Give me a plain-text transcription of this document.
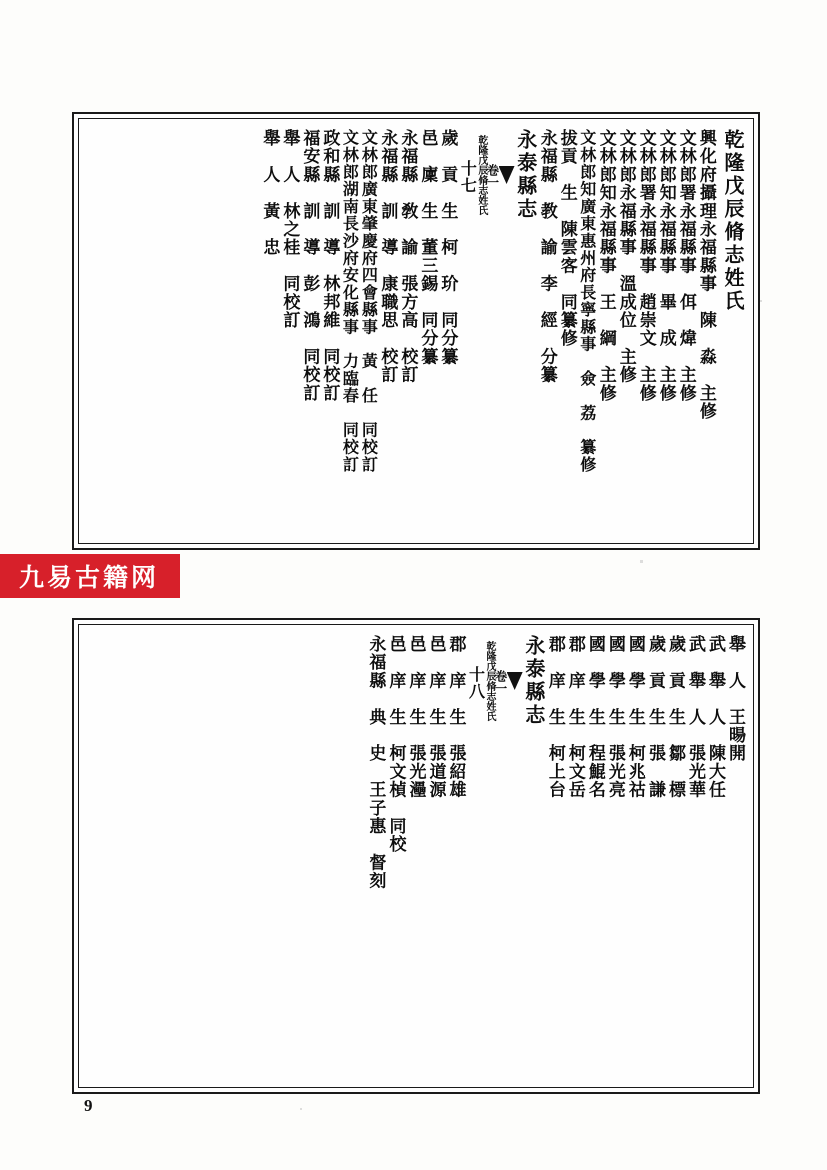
乾隆戊辰脩志姓氏
興化府攝理永福縣事　陳　淼　主修
文林郎署永福縣事　佴　煒　主修
文林郎知永福縣事　畢　成　主修
文林郎署永福縣事　趙崇文　主修
文林郎永福縣事　溫成位　主修
文林郎知永福縣事　王　綱　主修
文林郎知廣東惠州府長寧縣事　僉　荔　纂修
拔貢　生　陳雲客　同纂修
永福縣　教　諭　李　經　分纂
永泰縣志
卷一
乾隆戊辰脩志姓氏
十七
歲　貢　生　柯　玠　同分纂
邑　廩　生　董三錫　同分纂
永福縣　敎　諭　張方高　校訂
永福縣　訓　導　康職思　校訂
文林郎廣東肇慶府四會縣事　黃　任　同校訂
文林郎湖南長沙府安化縣事　力臨春　同校訂
政和縣　訓　導　林邦維　同校訂
福安縣　訓　導　彭　鴻　同校訂
舉　人　林之桂　同校訂
舉　人　黃　忠
九易古籍网
舉　人　王暘開
武　舉　人　陳大任
武　舉　人　張光華
歲　貢　生　鄒　標
歲　貢　生　張　謙
國　學　生　柯兆祜
國　學　生　張光亮
國　學　生　程鯤名
郡　庠　生　柯文岳
郡　庠　生　柯上台
永泰縣志
卷一
乾隆戊辰脩志姓氏
十八
郡　庠　生　張紹雄
邑　庠　生　張道源
邑　庠　生　張光灅
邑　庠　生　柯文楨　同校
永福縣　典　史　王子惠　督刻
9
